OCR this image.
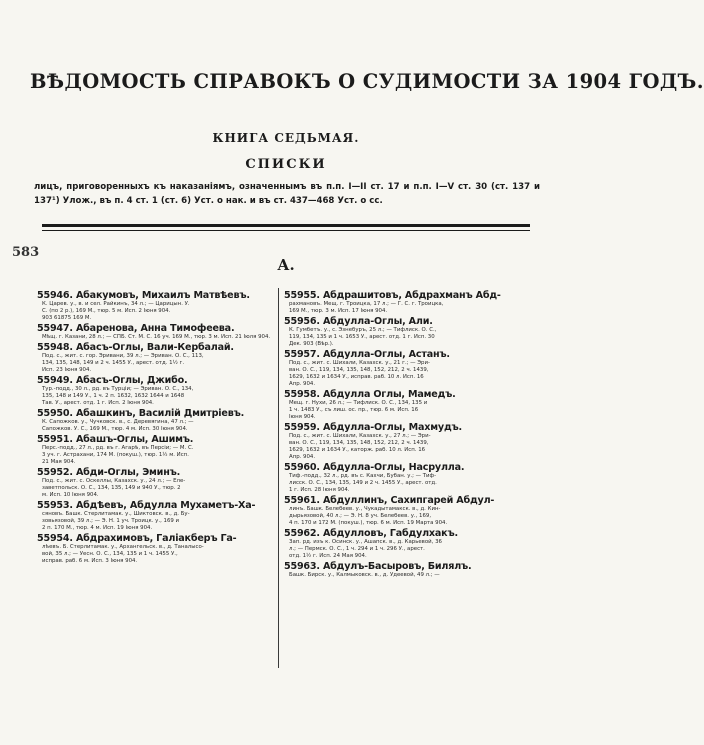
ВѢДОМОСТЬ СПРАВОКЪ О СУДИМОСТИ ЗА 1904 ГОДЪ.
КНИГА СЕДЬМАЯ.
СПИСКИ
лицъ, приговоренныхъ къ наказаніямъ, означеннымъ въ п.п. I—II ст. 17 и п.п. I—V ст. 30 (ст. 137 и 137¹) Улож., въ п. 4 ст. 1 (ст. 6) Уст. о нак. и въ ст. 437—468 Уст. о сс.
583
А.
55946. Абакумовъ, Михаилъ Матвѣевъ.
К. Царев. у., в. и сел. Райкинъ, 34 л.; — Царицын. У.
С. (по 2 р.), 169 М., тюр. 5 м. Исп. 2 Іюня 904.
903 61875 169 М.
55947. Абаренова, Анна Тимофеева.
Мѣщ. г. Казани, 28 л.; — СПБ. Ст. М. С. 16 уч. 169 М., тюр. 3 м. Исп. 21 Іюля 904.
55948. Абасъ-Оглы, Вали-Кербалай.
Под. с., жит. с. гор. Эривани, 39 л.; — Эриван. О. С., 113,
134, 135, 148, 149 и 2 ч. 1455 У., арест. отд. 1½ г.
Исп. 23 Іюня 904.
55949. Абасъ-Оглы, Джибо.
Тур.-подд., 30 л., рд. въ Турціи; — Эриван. О. С., 134,
135, 148 и 149 У., 1 ч. 2 п. 1632, 1632 1644 и 1648
Тав. У., арест. отд. 1 г. Исп. 2 Іюня 904.
55950. Абашкинъ, Василій Дмитріевъ.
К. Сапожков. у., Чучковск. в., с. Деревягина, 47 л.; —
Сапожков. У. С., 169 М., тюр. 4 м. Исп. 30 Іюня 904.
55951. Абашъ-Оглы, Ашимъ.
Перс.-подд., 27 л., рд. въ г. Агарѣ, въ Персіи; — М. С.
3 уч. г. Астрахани, 174 М. (покуш.), тюр. 1½ м. Исп.
21 Мая 904.
55952. Абди-Оглы, Эминъ.
Под. с., жит. с. Оскеллы, Казахск. у., 24 л.; — Еле-
заветпольск. О. С., 134, 135, 149 и 940 У., тюр. 2
м. Исп. 10 Іюня 904.
55953. Абдѣевъ, Абдулла Мухаметъ-Ха-
сяновъ. Башк. Стерлитамак. у., Шиктовск. в., д. Бу-
зовьязовой, 39 л.; — Э. Н. 1 уч. Троицк. у., 169 и
2 п. 170 М., тюр. 4 м. Исп. 19 Іюня 904.
55954. Абдрахимовъ, Галіакберъ Га-
лѣевъ. Б. Стерлитамак. у., Архангельск. в., д. Таналысо-
вой, 35 л.; — Уесн. О. С., 134, 135 и 1 ч. 1455 У.,
исправ. раб. 6 м. Исп. 3 Іюня 904.
55955. Абдрашитовъ, Абдрахманъ Абд-
рахмановъ. Мещ. г. Троицка, 17 л.; — Г. С. г. Троицка,
169 М., тюр. 3 м. Исп. 17 Іюня 904.
55956. Абдулла-Оглы, Али.
К. Гумбетъ. у., с. Эзнебуръ, 25 л.; — Тифлиск. О. С.,
119, 134, 135 и 1 ч. 1653 У., арест. отд. 1 г. Исп. 30
Дек. 903 (Вѣр.).
55957. Абдулла-Оглы, Астанъ.
Под. с., жит. с. Шихали, Казахск. у., 21 г.; — Эри-
ван. О. С., 119, 134, 135, 148, 152, 212, 2 ч. 1439,
1629, 1632 и 1634 У., исправ. раб. 10 л. Исп. 16
Апр. 904.
55958. Абдулла Оглы, Мамедъ.
Мещ. г. Нухи, 26 л.; — Тифлиск. О. С., 134, 135 и
1 ч. 1483 У., съ лиш. ос. пр., тюр. 6 м. Исп. 16
Іюня 904.
55959. Абдулла-Оглы, Махмудъ.
Под. с., жит. с. Шихали, Казахск. у., 27 л.; — Эри-
ван. О. С., 119, 134, 135, 148, 152, 212, 2 ч. 1439,
1629, 1632 и 1634 У., каторж. раб. 10 л. Исп. 16
Апр. 904.
55960. Абдулла-Оглы, Насрулла.
Тиф.-подд., 32 л., рд. въ с. Кахчи, Бубан. у.; — Тиф-
лисск. О. С., 134, 135, 149 и 2 ч. 1455 У., арест. отд.
1 г. Исп. 28 Іюня 904.
55961. Абдуллинъ, Сахипгарей Абдул-
линъ. Башк. Белебеев. у., Чукадытамакск. в., д. Кин-
дырьязовой, 40 л.; — Э. Н. 8 уч. Белебеев. у., 169,
4 п. 170 и 172 М. (покуш.), тюр. 6 м. Исп. 19 Марта 904.
55962. Абдулловъ, Габдулхакъ.
Зап. рд. изъ к. Осинск. у., Ашапск. в., д. Карьевой, 36
л.; — Пермск. О. С., 1 ч. 294 и 1 ч. 296 У., арест.
отд. 1½ г. Исп. 24 Мая 904.
55963. Абдулъ-Басыровъ, Билялъ.
Башк. Бирск. у., Калмыковск. в., д. Удеевой, 49 л.; —
